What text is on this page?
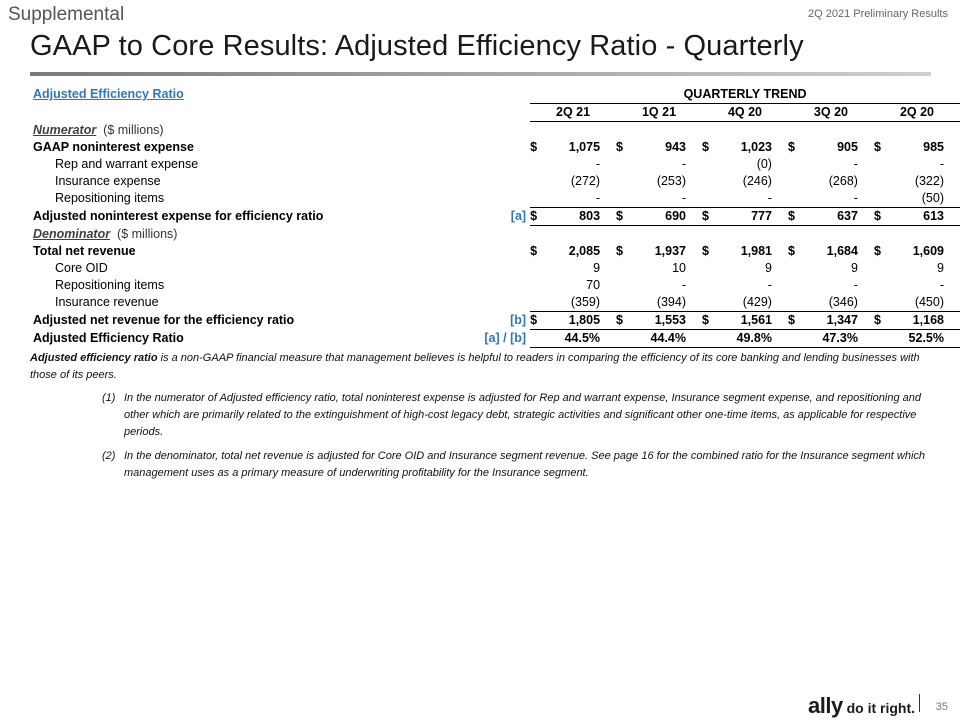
Supplemental	2Q 2021 Preliminary Results
GAAP to Core Results: Adjusted Efficiency Ratio - Quarterly
Adjusted Efficiency Ratio		QUARTERLY TREND									
		2Q 21		1Q 21		4Q 20		3Q 20		2Q 20	
Numerator ($ millions)											
GAAP noninterest expense		$	1,075	$	943	$	1,023	$	905	$	985
Rep and warrant expense			-		-		(0)		-		-
Insurance expense			(272)		(253)		(246)		(268)		(322)
Repositioning items			-		-		-		-		(50)
Adjusted noninterest expense for efficiency ratio	[a]	$	803	$	690	$	777	$	637	$	613
Denominator ($ millions)											
Total net revenue		$	2,085	$	1,937	$	1,981	$	1,684	$	1,609
Core OID			9		10		9		9		9
Repositioning items			70		-		-		-		-
Insurance revenue			(359)		(394)		(429)		(346)		(450)
Adjusted net revenue for the efficiency ratio	[b]	$	1,805	$	1,553	$	1,561	$	1,347	$	1,168
Adjusted Efficiency Ratio	[a] / [b]		44.5%		44.4%		49.8%		47.3%		52.5%

Adjusted efficiency ratio is a non-GAAP financial measure that management believes is helpful to readers in comparing the efficiency of its core banking and lending businesses with those of its peers.

(1) In the numerator of Adjusted efficiency ratio, total noninterest expense is adjusted for Rep and warrant expense, Insurance segment expense, and repositioning and other which are primarily related to the extinguishment of high-cost legacy debt, strategic activities and significant other one-time items, as applicable for respective periods.
(2) In the denominator, total net revenue is adjusted for Core OID and Insurance segment revenue. See page 16 for the combined ratio for the Insurance segment which management uses as a primary measure of underwriting profitability for the Insurance segment.
ally do it right. 35
